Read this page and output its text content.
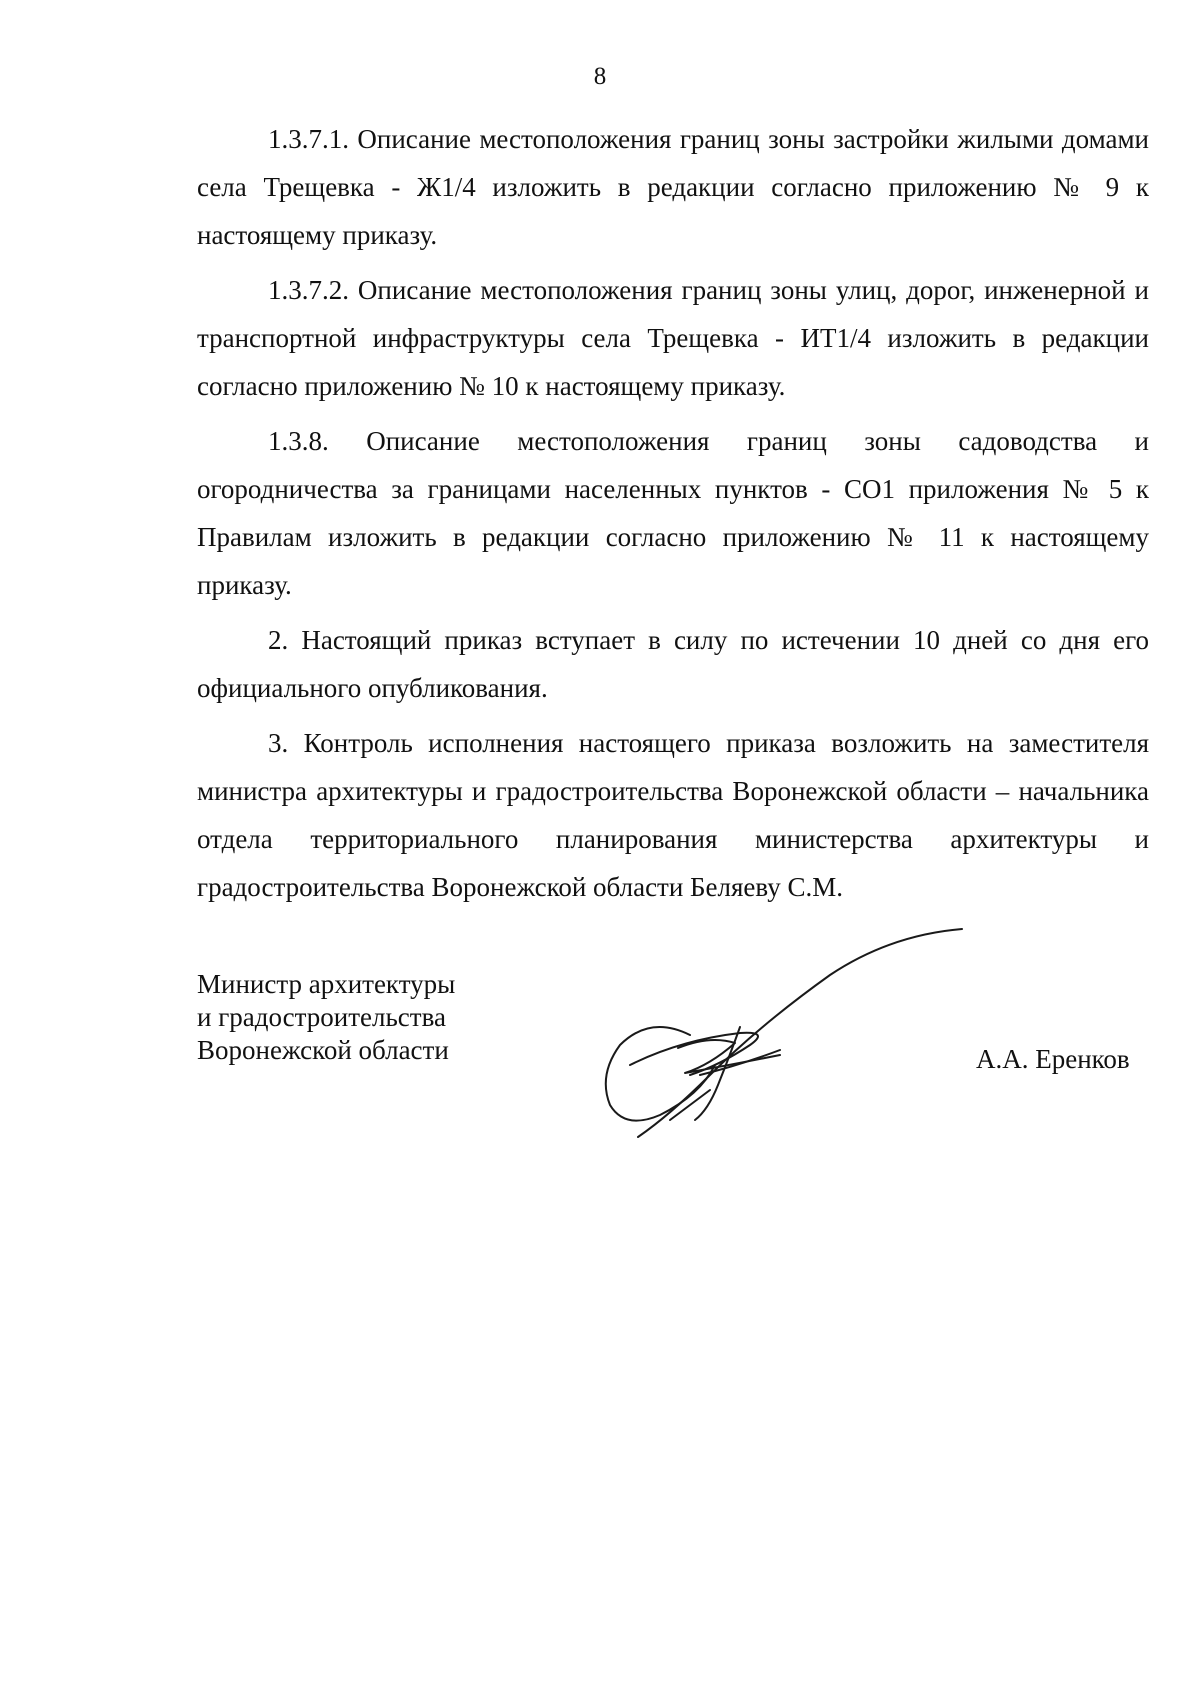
8

1.3.7.1. Описание местоположения границ зоны застройки жилыми домами села Трещевка - Ж1/4 изложить в редакции согласно приложению № 9 к настоящему приказу.

1.3.7.2. Описание местоположения границ зоны улиц, дорог, инженерной и транспортной инфраструктуры села Трещевка - ИТ1/4 изложить в редакции согласно приложению № 10 к настоящему приказу.

1.3.8. Описание местоположения границ зоны садоводства и огородничества за границами населенных пунктов - СО1 приложения № 5 к Правилам изложить в редакции согласно приложению № 11 к настоящему приказу.

2. Настоящий приказ вступает в силу по истечении 10 дней со дня его официального опубликования.

3. Контроль исполнения настоящего приказа возложить на заместителя министра архитектуры и градостроительства Воронежской области – начальника отдела территориального планирования министерства архитектуры и градостроительства Воронежской области Беляеву С.М.

Министр архитектуры
и градостроительства
Воронежской области	А.А. Еренков
